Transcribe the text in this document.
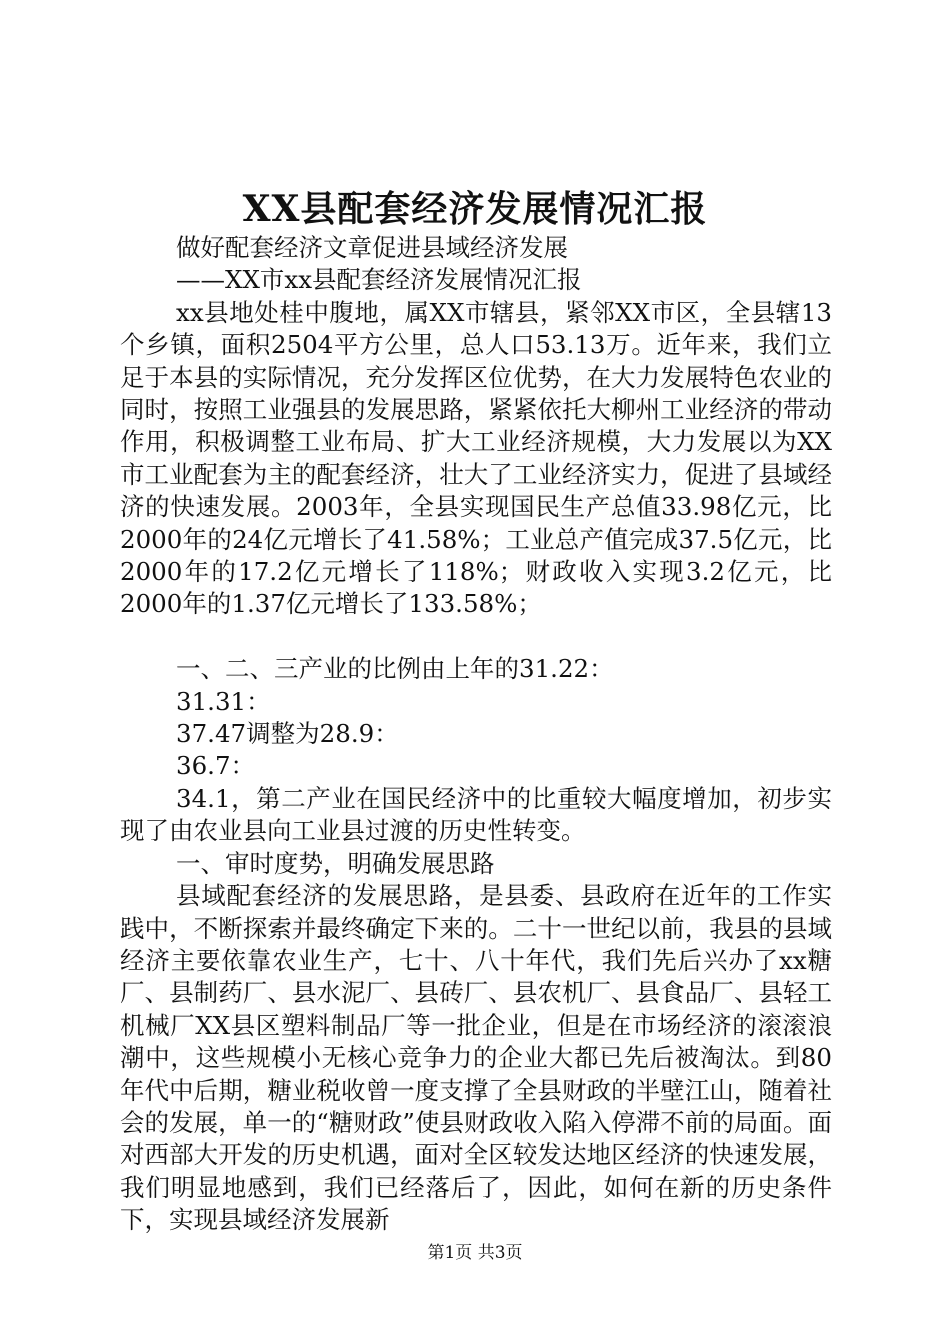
XX县配套经济发展情况汇报

做好配套经济文章促进县域经济发展

——XX市xx县配套经济发展情况汇报

xx县地处桂中腹地，属XX市辖县，紧邻XX市区，全县辖13个乡镇，面积2504平方公里，总人口53.13万。近年来，我们立足于本县的实际情况，充分发挥区位优势，在大力发展特色农业的同时，按照工业强县的发展思路，紧紧依托大柳州工业经济的带动作用，积极调整工业布局、扩大工业经济规模，大力发展以为XX市工业配套为主的配套经济，壮大了工业经济实力，促进了县域经济的快速发展。2003年，全县实现国民生产总值33.98亿元，比2000年的24亿元增长了41.58%；工业总产值完成37.5亿元，比2000年的17.2亿元增长了118%；财政收入实现3.2亿元，比2000年的1.37亿元增长了133.58%；

一、二、三产业的比例由上年的31.22：

31.31：

37.47调整为28.9：

36.7：

34.1，第二产业在国民经济中的比重较大幅度增加，初步实现了由农业县向工业县过渡的历史性转变。

一、审时度势，明确发展思路

县域配套经济的发展思路，是县委、县政府在近年的工作实践中，不断探索并最终确定下来的。二十一世纪以前，我县的县域经济主要依靠农业生产，七十、八十年代，我们先后兴办了xx糖厂、县制药厂、县水泥厂、县砖厂、县农机厂、县食品厂、县轻工机械厂XX县区塑料制品厂等一批企业，但是在市场经济的滚滚浪潮中，这些规模小无核心竞争力的企业大都已先后被淘汰。到80年代中后期，糖业税收曾一度支撑了全县财政的半壁江山，随着社会的发展，单一的“糖财政”使县财政收入陷入停滞不前的局面。面对西部大开发的历史机遇，面对全区较发达地区经济的快速发展，我们明显地感到，我们已经落后了，因此，如何在新的历史条件下，实现县域经济发展新

第1页 共3页
